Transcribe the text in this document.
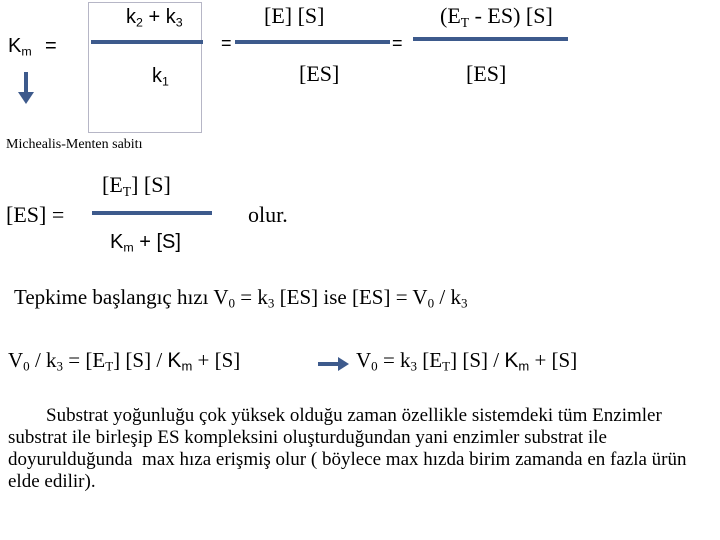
$K_m$ =
$k_2 + k_3$
$k_1$
=
[E] [S]
[ES]
=
$(E_T - ES)$ [S]
[ES]
Michealis-Menten sabitı
[ES] =
$[E_T]$ [S]
$K_m + [S]$
olur.
Tepkime başlangıç hızı $V_0 = k_3$ [ES] ise $[ES] = V_0 / k_3$
$V_0 / k_3 = [E_T]$ $[S] / K_m + [S]$	$V_0 = k_3$ $[E_T]$ $[S] / K_m + [S]$

Substrat yoğunluğu çok yüksek olduğu zaman özellikle sistemdeki tüm Enzimler substrat ile birleşip ES kompleksini oluşturduğundan yani enzimler substrat ile doyurulduğunda  max hıza erişmiş olur ( böylece max hızda birim zamanda en fazla ürün elde edilir).
